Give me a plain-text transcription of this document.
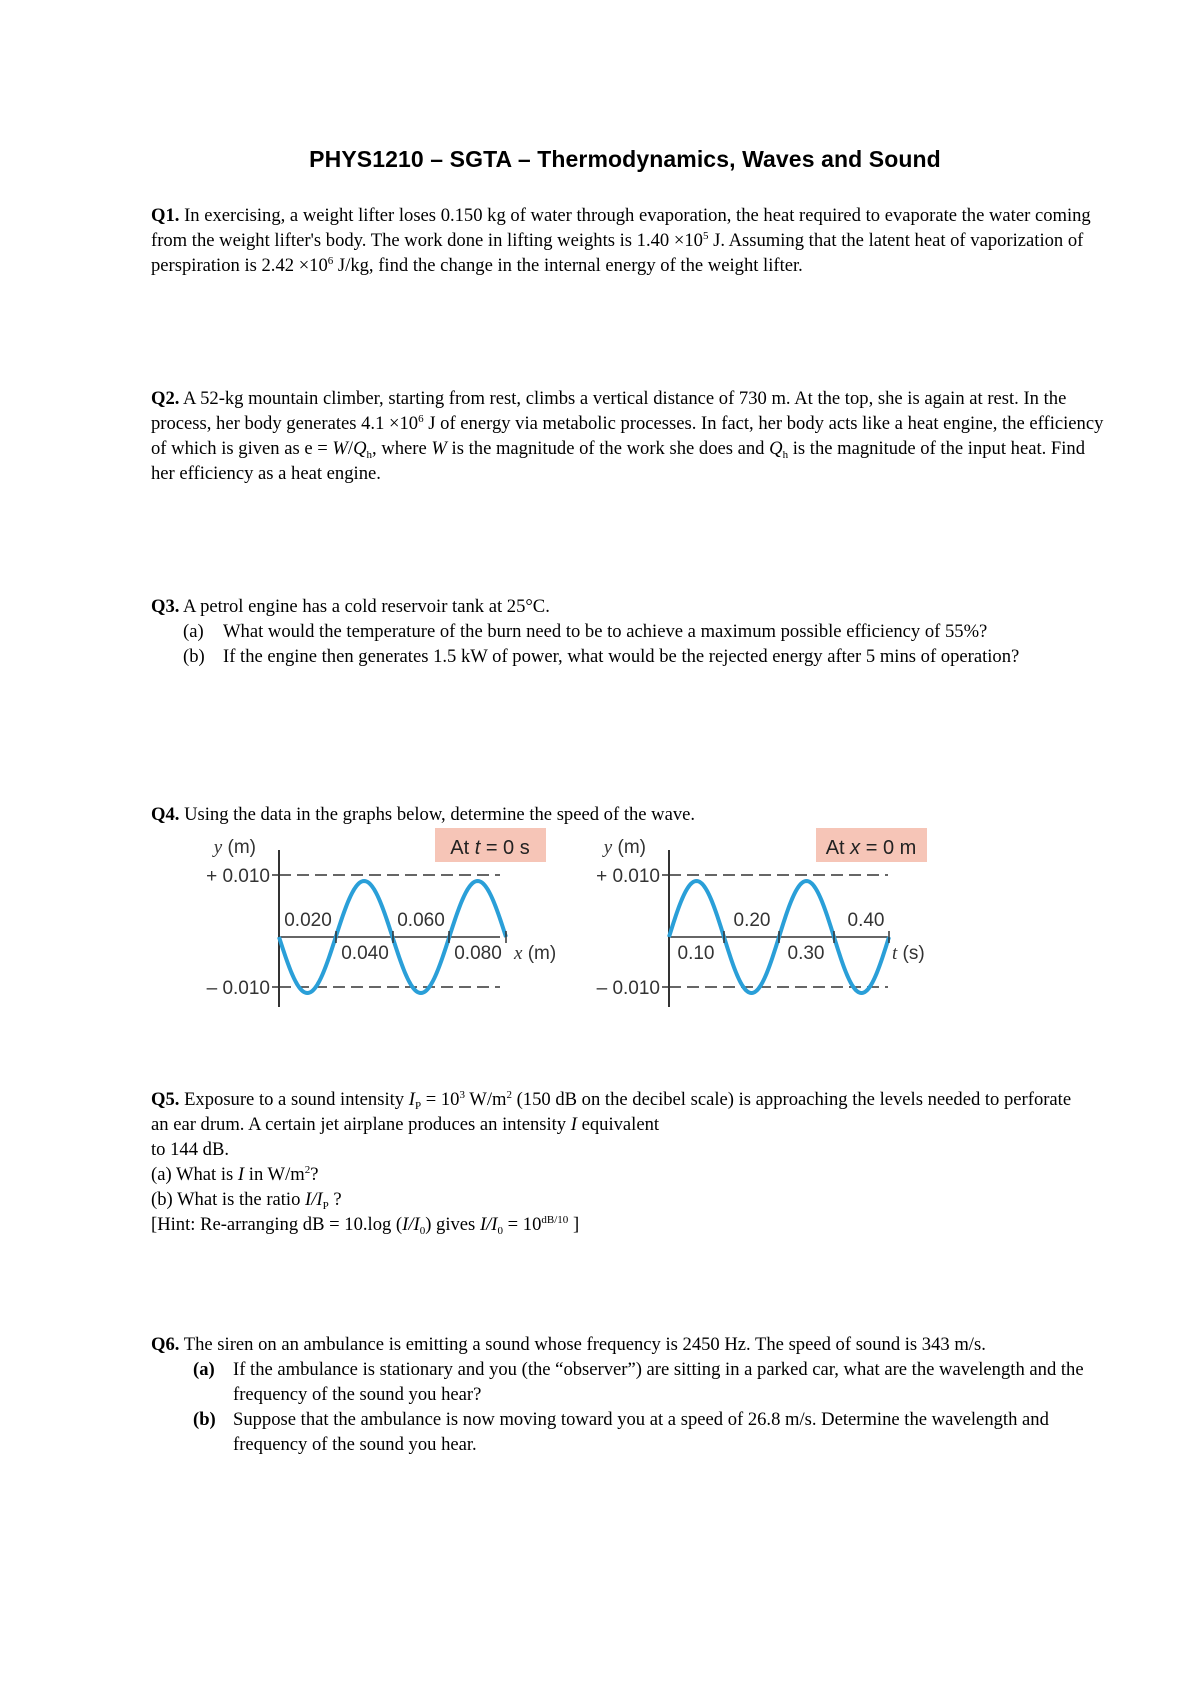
PHYS1210 – SGTA – Thermodynamics, Waves and Sound
Q1. In exercising, a weight lifter loses 0.150 kg of water through evaporation, the heat required to evaporate the water coming from the weight lifter's body. The work done in lifting weights is $1.40 \times 10^5$ J. Assuming that the latent heat of vaporization of perspiration is $2.42 \times 10^6$ J/kg, find the change in the internal energy of the weight lifter.
Q2. A 52-kg mountain climber, starting from rest, climbs a vertical distance of 730 m. At the top, she is again at rest. In the process, her body generates $4.1 \times 10^6$ J of energy via metabolic processes. In fact, her body acts like a heat engine, the efficiency of which is given as $e = W/Q_h$, where W is the magnitude of the work she does and $Q_h$ is the magnitude of the input heat. Find her efficiency as a heat engine.
Q3. A petrol engine has a cold reservoir tank at 25°C.
(a) What would the temperature of the burn need to be to achieve a maximum possible efficiency of 55%?
(b) If the engine then generates 1.5 kW of power, what would be the rejected energy after 5 mins of operation?
Q4. Using the data in the graphs below, determine the speed of the wave.
At t = 0 s
y (m)
+ 0.010
– 0.010
0.020	0.060
0.040	0.080 x (m)
At x = 0 m
y (m)
+ 0.010
– 0.010
0.20	0.40
0.10	0.30	t (s)
Q5. Exposure to a sound intensity $I_P = 10^3$ $W/m^2$ (150 dB on the decibel scale) is approaching the levels needed to perforate an ear drum. A certain jet airplane produces an intensity I equivalent
to 144 dB.
(a) What is I in $W/m^2$?
(b) What is the ratio $I/I_P$ ?
[Hint: Re-arranging dB = 10.log $(I/I_0)$ gives $I/I_0 = 10^{dB/10}$ ]
Q6. The siren on an ambulance is emitting a sound whose frequency is 2450 Hz. The speed of sound is 343 m/s.
(a) If the ambulance is stationary and you (the “observer”) are sitting in a parked car, what are the wavelength and the frequency of the sound you hear?
(b) Suppose that the ambulance is now moving toward you at a speed of 26.8 m/s. Determine the wavelength and frequency of the sound you hear.
